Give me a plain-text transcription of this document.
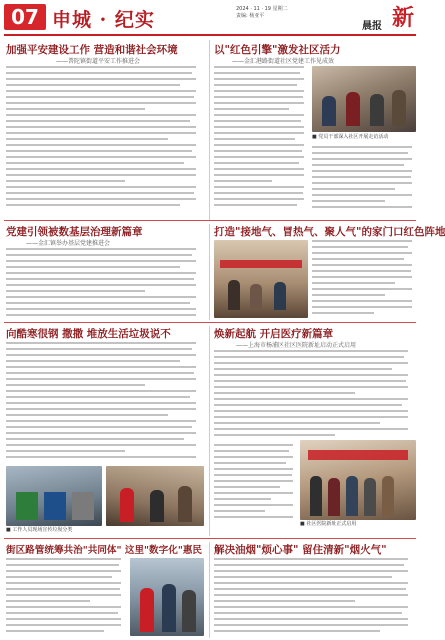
07 申城 · 纪实	2024 · 11 · 19 星期二
责编: 杨亚平	新
晨报
加强平安建设工作 营造和谐社会环境
——普陀镇街道平安工作推进会
以"红色引擎"激发社区活力
——金汇港路街道社区党建工作见成效
■ 党员干部深入社区开展走访活动
党建引领被数基层治理新篇章
——金汇镇举办基层党建推进会
打造"接地气、冒热气、聚人气"的家门口红色阵地
向酷寒很钢 撒撒 堆放生活垃圾说不
■ 工作人员现场宣传垃圾分类
焕新起航 开启医疗新篇章
——上海市杨浦区社区医院新址启动正式启用
■ 社区医院新址正式启用
街区路管统筹共治"共同体" 这里"数字化"惠民 解决油烟"烦心事" 留住清新"烟火气"
